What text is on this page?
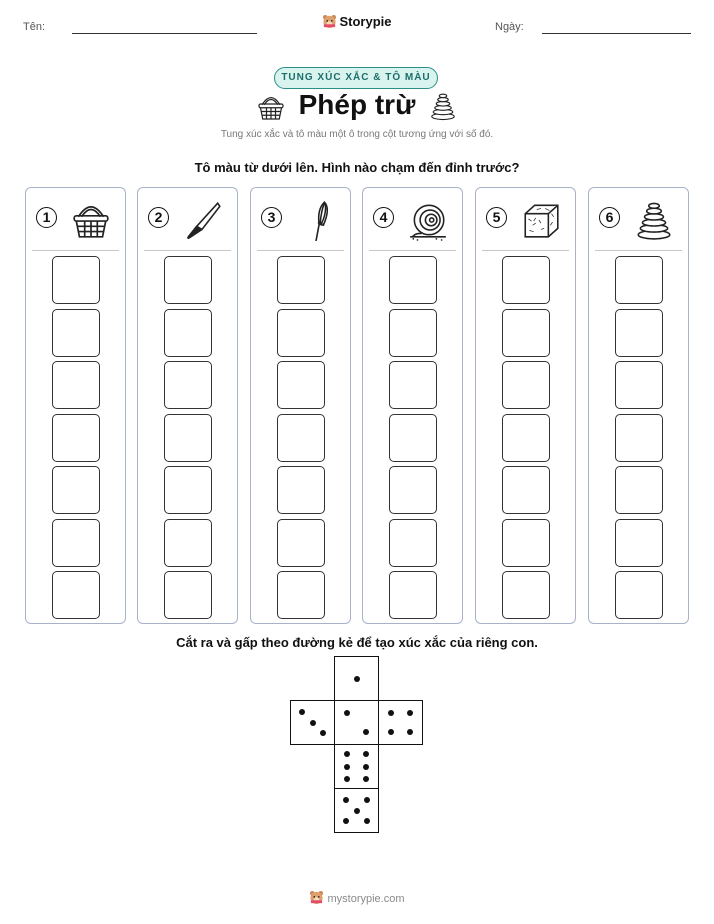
Tên:	Ngày:
Storypie
TUNG XÚC XẮC & TÔ MÀU
Phép trừ
Tung xúc xắc và tô màu một ô trong cột tương ứng với số đó.
Tô màu từ dưới lên. Hình nào chạm đến đỉnh trước?
1	2	3	4	5	6
Cắt ra và gấp theo đường kẻ để tạo xúc xắc của riêng con.
mystorypie.com
